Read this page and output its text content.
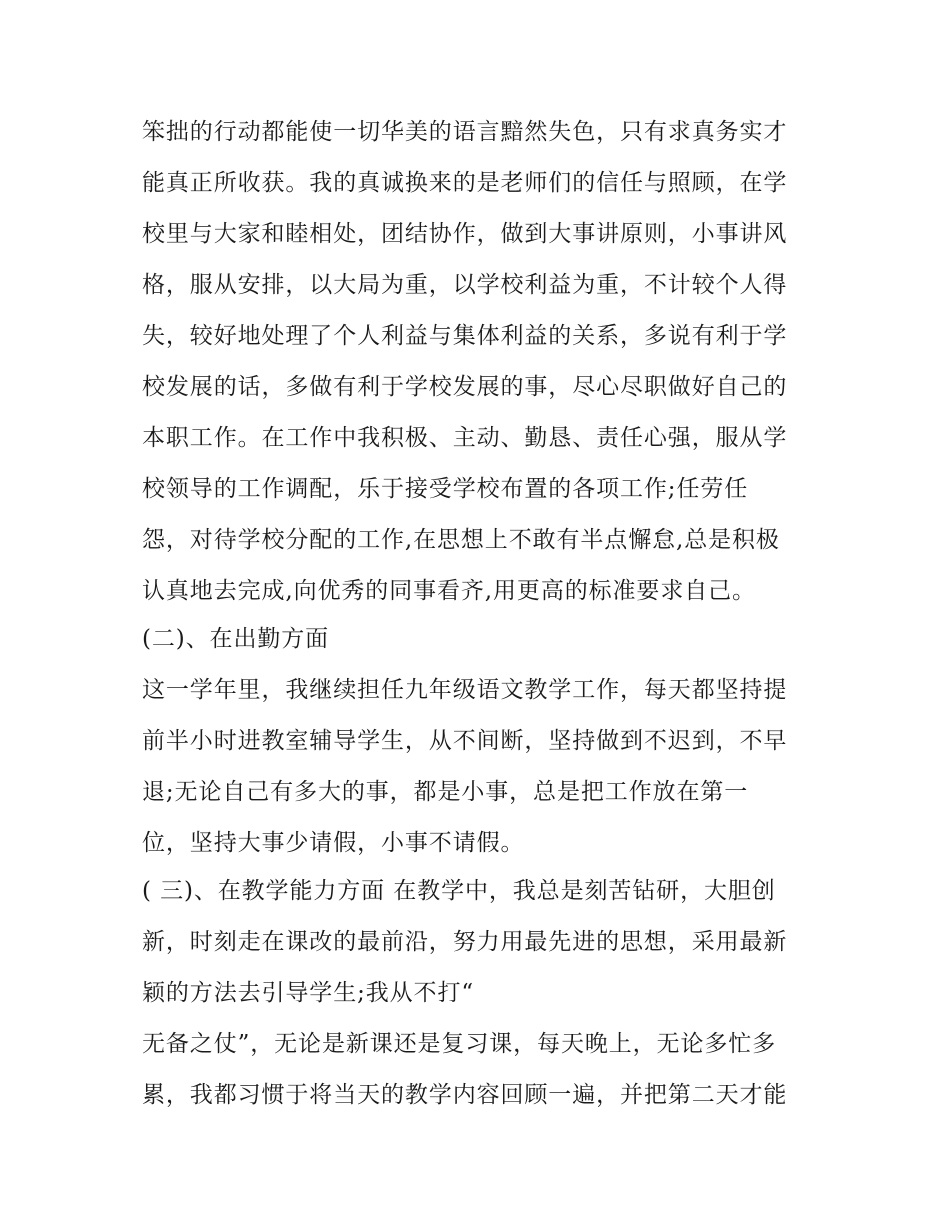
笨拙的行动都能使一切华美的语言黯然失色，只有求真务实才
能真正所收获。我的真诚换来的是老师们的信任与照顾，在学
校里与大家和睦相处，团结协作，做到大事讲原则，小事讲风
格，服从安排，以大局为重，以学校利益为重，不计较个人得
失，较好地处理了个人利益与集体利益的关系，多说有利于学
校发展的话，多做有利于学校发展的事，尽心尽职做好自己的
本职工作。在工作中我积极、主动、勤恳、责任心强，服从学
校领导的工作调配，乐于接受学校布置的各项工作;任劳任
怨，对待学校分配的工作,在思想上不敢有半点懈怠,总是积极
认真地去完成,向优秀的同事看齐,用更高的标准要求自己。
(二)、在出勤方面
这一学年里，我继续担任九年级语文教学工作，每天都坚持提
前半小时进教室辅导学生，从不间断，坚持做到不迟到，不早
退;无论自己有多大的事，都是小事，总是把工作放在第一
位，坚持大事少请假，小事不请假。
( 三)、在教学能力方面 在教学中，我总是刻苦钻研，大胆创
新，时刻走在课改的最前沿，努力用最先进的思想，采用最新
颖的方法去引导学生;我从不打“
无备之仗”，无论是新课还是复习课，每天晚上，无论多忙多
累，我都习惯于将当天的教学内容回顾一遍，并把第二天才能
